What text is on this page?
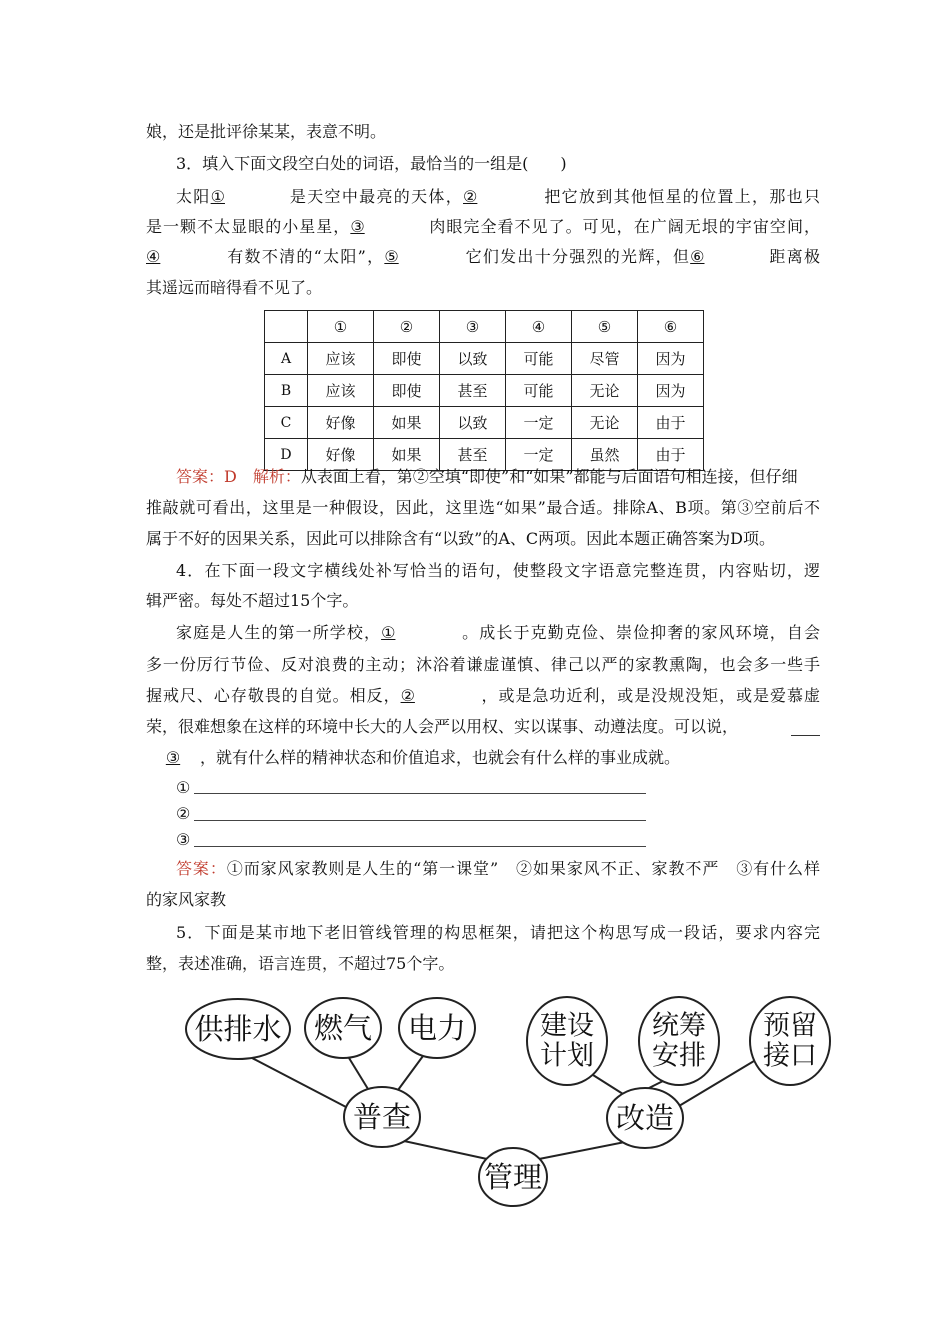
娘，还是批评徐某某，表意不明。
3．填入下面文段空白处的词语，最恰当的一组是(　　)
太阳①	是天空中最亮的天体，②	把它放到其他恒星的位置上，那也只
是一颗不太显眼的小星星，③	肉眼完全看不见了。可见，在广阔无垠的宇宙空间，
④	有数不清的“太阳”，⑤	它们发出十分强烈的光辉，但⑥	距离极
其遥远而暗得看不见了。
	①	②	③	④	⑤	⑥
A	应该	即使	以致	可能	尽管	因为
B	应该	即使	甚至	可能	无论	因为
C	好像	如果	以致	一定	无论	由于
D	好像	如果	甚至	一定	虽然	由于
答案：D　解析：从表面上看，第②空填“即使”和“如果”都能与后面语句相连接，但仔细
推敲就可看出，这里是一种假设，因此，这里选“如果”最合适。排除A、B项。第③空前后不
属于不好的因果关系，因此可以排除含有“以致”的A、C两项。因此本题正确答案为D项。
4．在下面一段文字横线处补写恰当的语句，使整段文字语意完整连贯，内容贴切，逻
辑严密。每处不超过15个字。
家庭是人生的第一所学校，①	。成长于克勤克俭、崇俭抑奢的家风环境，自会
多一份厉行节俭、反对浪费的主动；沐浴着谦虚谨慎、律己以严的家教熏陶，也会多一些手
握戒尺、心存敬畏的自觉。相反，②	，或是急功近利，或是没规没矩，或是爱慕虚
荣，很难想象在这样的环境中长大的人会严以用权、实以谋事、动遵法度。可以说，
③ ，就有什么样的精神状态和价值追求，也就会有什么样的事业成就。
①
②
③
答案：①而家风家教则是人生的“第一课堂”　②如果家风不正、家教不严　③有什么样
的家风家教
5．下面是某市地下老旧管线管理的构思框架，请把这个构思写成一段话，要求内容完
整，表述准确，语言连贯，不超过75个字。
管理
普查	改造
供排水 燃气 电力	建设
计划
统筹
安排
预留
接口
